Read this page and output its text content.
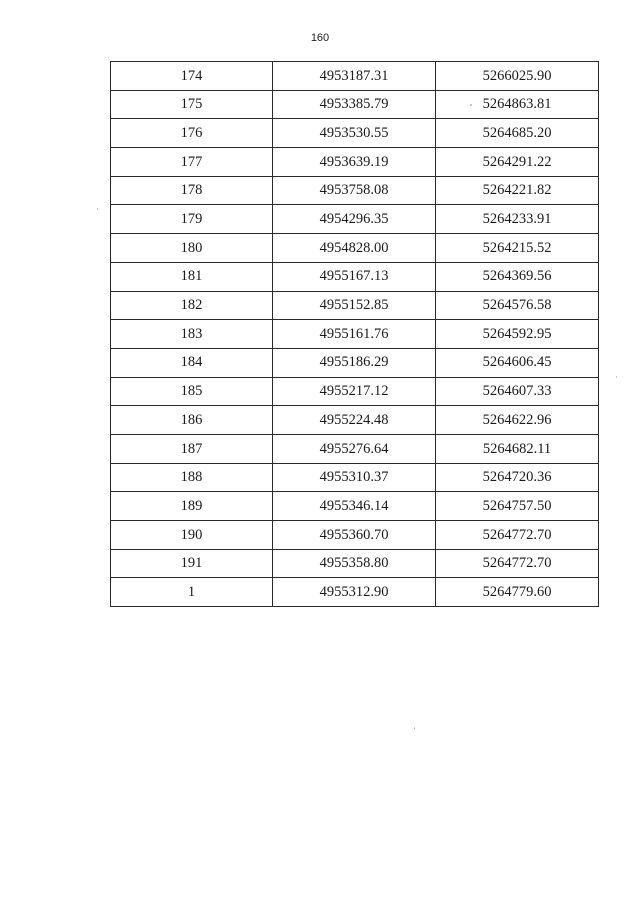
160
174	4953187.31	5266025.90
175	4953385.79	5264863.81
176	4953530.55	5264685.20
177	4953639.19	5264291.22
178	4953758.08	5264221.82
179	4954296.35	5264233.91
180	4954828.00	5264215.52
181	4955167.13	5264369.56
182	4955152.85	5264576.58
183	4955161.76	5264592.95
184	4955186.29	5264606.45
185	4955217.12	5264607.33
186	4955224.48	5264622.96
187	4955276.64	5264682.11
188	4955310.37	5264720.36
189	4955346.14	5264757.50
190	4955360.70	5264772.70
191	4955358.80	5264772.70
1	4955312.90	5264779.60
